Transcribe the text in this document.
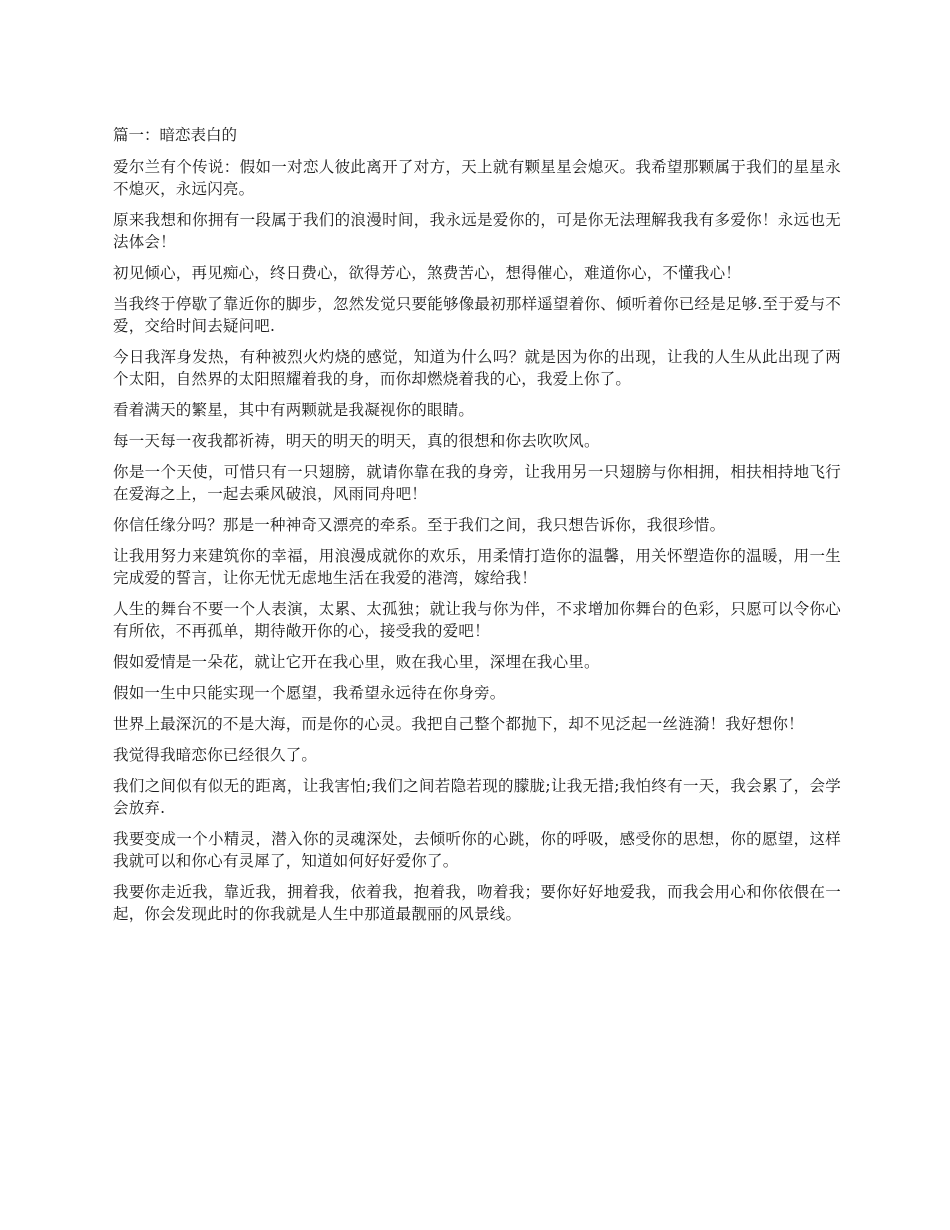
篇一：暗恋表白的

爱尔兰有个传说：假如一对恋人彼此离开了对方，天上就有颗星星会熄灭。我希望那颗属于我们的星星永不熄灭，永远闪亮。

原来我想和你拥有一段属于我们的浪漫时间，我永远是爱你的，可是你无法理解我我有多爱你！永远也无法体会！

初见倾心，再见痴心，终日费心，欲得芳心，煞费苦心，想得催心，难道你心，不懂我心！

当我终于停歇了靠近你的脚步，忽然发觉只要能够像最初那样遥望着你、倾听着你已经是足够.至于爱与不爱，交给时间去疑问吧.

今日我浑身发热，有种被烈火灼烧的感觉，知道为什么吗？就是因为你的出现，让我的人生从此出现了两个太阳，自然界的太阳照耀着我的身，而你却燃烧着我的心，我爱上你了。

看着满天的繁星，其中有两颗就是我凝视你的眼睛。

每一天每一夜我都祈祷，明天的明天的明天，真的很想和你去吹吹风。

你是一个天使，可惜只有一只翅膀，就请你靠在我的身旁，让我用另一只翅膀与你相拥，相扶相持地飞行在爱海之上，一起去乘风破浪，风雨同舟吧！

你信任缘分吗？那是一种神奇又漂亮的牵系。至于我们之间，我只想告诉你，我很珍惜。

让我用努力来建筑你的幸福，用浪漫成就你的欢乐，用柔情打造你的温馨，用关怀塑造你的温暖，用一生完成爱的誓言，让你无忧无虑地生活在我爱的港湾，嫁给我！

人生的舞台不要一个人表演，太累、太孤独；就让我与你为伴，不求增加你舞台的色彩，只愿可以令你心有所依，不再孤单，期待敞开你的心，接受我的爱吧！

假如爱情是一朵花，就让它开在我心里，败在我心里，深埋在我心里。

假如一生中只能实现一个愿望，我希望永远待在你身旁。

世界上最深沉的不是大海，而是你的心灵。我把自己整个都抛下，却不见泛起一丝涟漪！我好想你！

我觉得我暗恋你已经很久了。

我们之间似有似无的距离，让我害怕;我们之间若隐若现的朦胧;让我无措;我怕终有一天，我会累了，会学会放弃.

我要变成一个小精灵，潜入你的灵魂深处，去倾听你的心跳，你的呼吸，感受你的思想，你的愿望，这样我就可以和你心有灵犀了，知道如何好好爱你了。

我要你走近我，靠近我，拥着我，依着我，抱着我，吻着我；要你好好地爱我，而我会用心和你依偎在一起，你会发现此时的你我就是人生中那道最靓丽的风景线。
